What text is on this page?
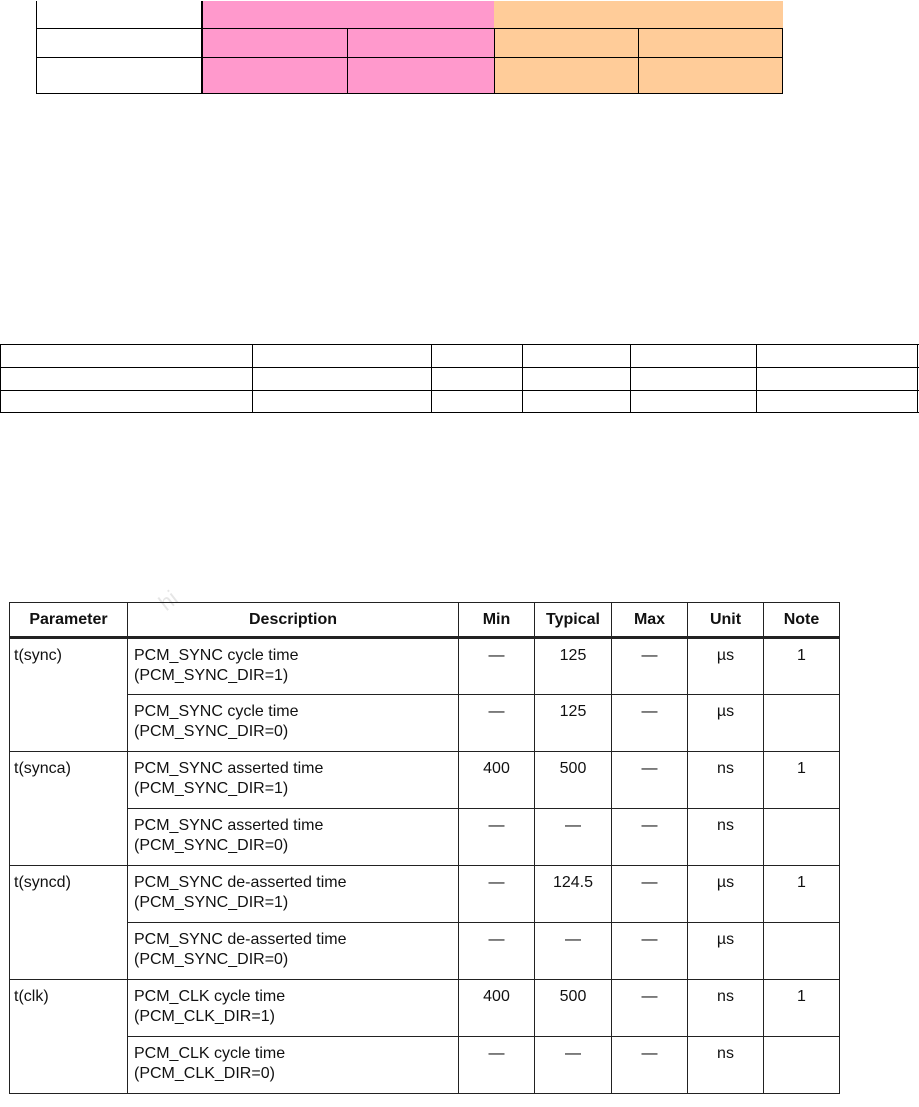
hi
Parameter	Description	Min	Typical	Max	Unit	Note
t(sync)	PCM_SYNC cycle time
(PCM_SYNC_DIR=1)	—	125	—	µs	1

	PCM_SYNC cycle time
(PCM_SYNC_DIR=0)	—	125	—	µs	
t(synca)	PCM_SYNC asserted time
(PCM_SYNC_DIR=1)	400	500	—	ns	1

	PCM_SYNC asserted time
(PCM_SYNC_DIR=0)	—	—	—	ns	
t(syncd)	PCM_SYNC de-asserted time
(PCM_SYNC_DIR=1)	—	124.5	—	µs	1

	PCM_SYNC de-asserted time
(PCM_SYNC_DIR=0)	—	—	—	µs	
t(clk)	PCM_CLK cycle time
(PCM_CLK_DIR=1)	400	500	—	ns	1

	PCM_CLK cycle time
(PCM_CLK_DIR=0)	—	—	—	ns	
